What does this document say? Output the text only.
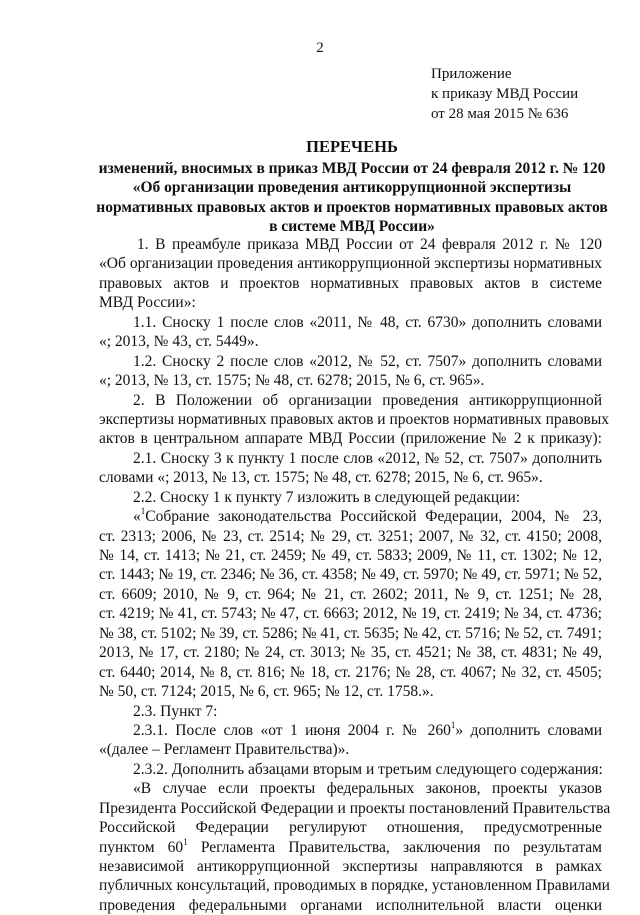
2
Приложение
к приказу МВД России
от 28 мая 2015 № 636
ПЕРЕЧЕНЬ
изменений, вносимых в приказ МВД России от 24 февраля 2012 г. № 120
«Об организации проведения антикоррупционной экспертизы
нормативных правовых актов и проектов нормативных правовых актов
в системе МВД России»
1. В преамбуле приказа МВД России от 24 февраля 2012 г. № 120
«Об организации проведения антикоррупционной экспертизы нормативных
правовых актов и проектов нормативных правовых актов в системе
МВД России»:
1.1. Сноску 1 после слов «2011, № 48, ст. 6730» дополнить словами
«; 2013, № 43, ст. 5449».
1.2. Сноску 2 после слов «2012, № 52, ст. 7507» дополнить словами
«; 2013, № 13, ст. 1575; № 48, ст. 6278; 2015, № 6, ст. 965».
2. В Положении об организации проведения антикоррупционной
экспертизы нормативных правовых актов и проектов нормативных правовых
актов в центральном аппарате МВД России (приложение № 2 к приказу):
2.1. Сноску 3 к пункту 1 после слов «2012, № 52, ст. 7507» дополнить
словами «; 2013, № 13, ст. 1575; № 48, ст. 6278; 2015, № 6, ст. 965».
2.2. Сноску 1 к пункту 7 изложить в следующей редакции:
«$^1$Собрание законодательства Российской Федерации, 2004, № 23,
ст. 2313; 2006, № 23, ст. 2514; № 29, ст. 3251; 2007, № 32, ст. 4150; 2008,
№ 14, ст. 1413; № 21, ст. 2459; № 49, ст. 5833; 2009, № 11, ст. 1302; № 12,
ст. 1443; № 19, ст. 2346; № 36, ст. 4358; № 49, ст. 5970; № 49, ст. 5971; № 52,
ст. 6609; 2010, № 9, ст. 964; № 21, ст. 2602; 2011, № 9, ст. 1251; № 28,
ст. 4219; № 41, ст. 5743; № 47, ст. 6663; 2012, № 19, ст. 2419; № 34, ст. 4736;
№ 38, ст. 5102; № 39, ст. 5286; № 41, ст. 5635; № 42, ст. 5716; № 52, ст. 7491;
2013, № 17, ст. 2180; № 24, ст. 3013; № 35, ст. 4521; № 38, ст. 4831; № 49,
ст. 6440; 2014, № 8, ст. 816; № 18, ст. 2176; № 28, ст. 4067; № 32, ст. 4505;
№ 50, ст. 7124; 2015, № 6, ст. 965; № 12, ст. 1758.».
2.3. Пункт 7:
2.3.1. После слов «от 1 июня 2004 г. № $260^1$» дополнить словами
«(далее – Регламент Правительства)».
2.3.2. Дополнить абзацами вторым и третьим следующего содержания:
«В случае если проекты федеральных законов, проекты указов
Президента Российской Федерации и проекты постановлений Правительства
Российской Федерации регулируют отношения, предусмотренные
пунктом $60^1$ Регламента Правительства, заключения по результатам
независимой антикоррупционной экспертизы направляются в рамках
публичных консультаций, проводимых в порядке, установленном Правилами
проведения федеральными органами исполнительной власти оценки
